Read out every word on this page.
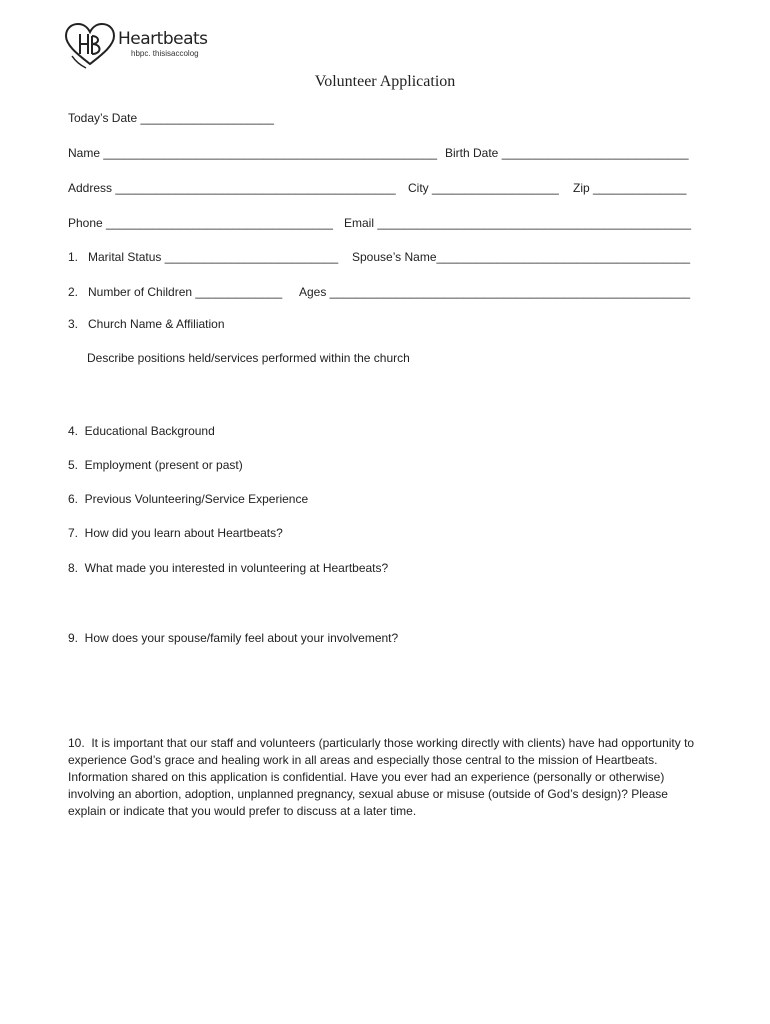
Heartbeats
hbpc. thisisaccolog
Volunteer Application
Today’s Date ____________________
Name __________________________________________________ Birth Date ____________________________
Address __________________________________________ City ___________________ Zip ______________
Phone __________________________________ Email _______________________________________________
1.   Marital Status __________________________ Spouse’s Name______________________________________
2.   Number of Children _____________ Ages ______________________________________________________
3.   Church Name & Affiliation
Describe positions held/services performed within the church
4.  Educational Background
5.  Employment (present or past)
6.  Previous Volunteering/Service Experience
7.  How did you learn about Heartbeats?
8.  What made you interested in volunteering at Heartbeats?
9.  How does your spouse/family feel about your involvement?
10.  It is important that our staff and volunteers (particularly those working directly with clients) have had opportunity to experience God’s grace and healing work in all areas and especially those central to the mission of Heartbeats. Information shared on this application is confidential. Have you ever had an experience (personally or otherwise) involving an abortion, adoption, unplanned pregnancy, sexual abuse or misuse (outside of God’s design)? Please explain or indicate that you would prefer to discuss at a later time.
